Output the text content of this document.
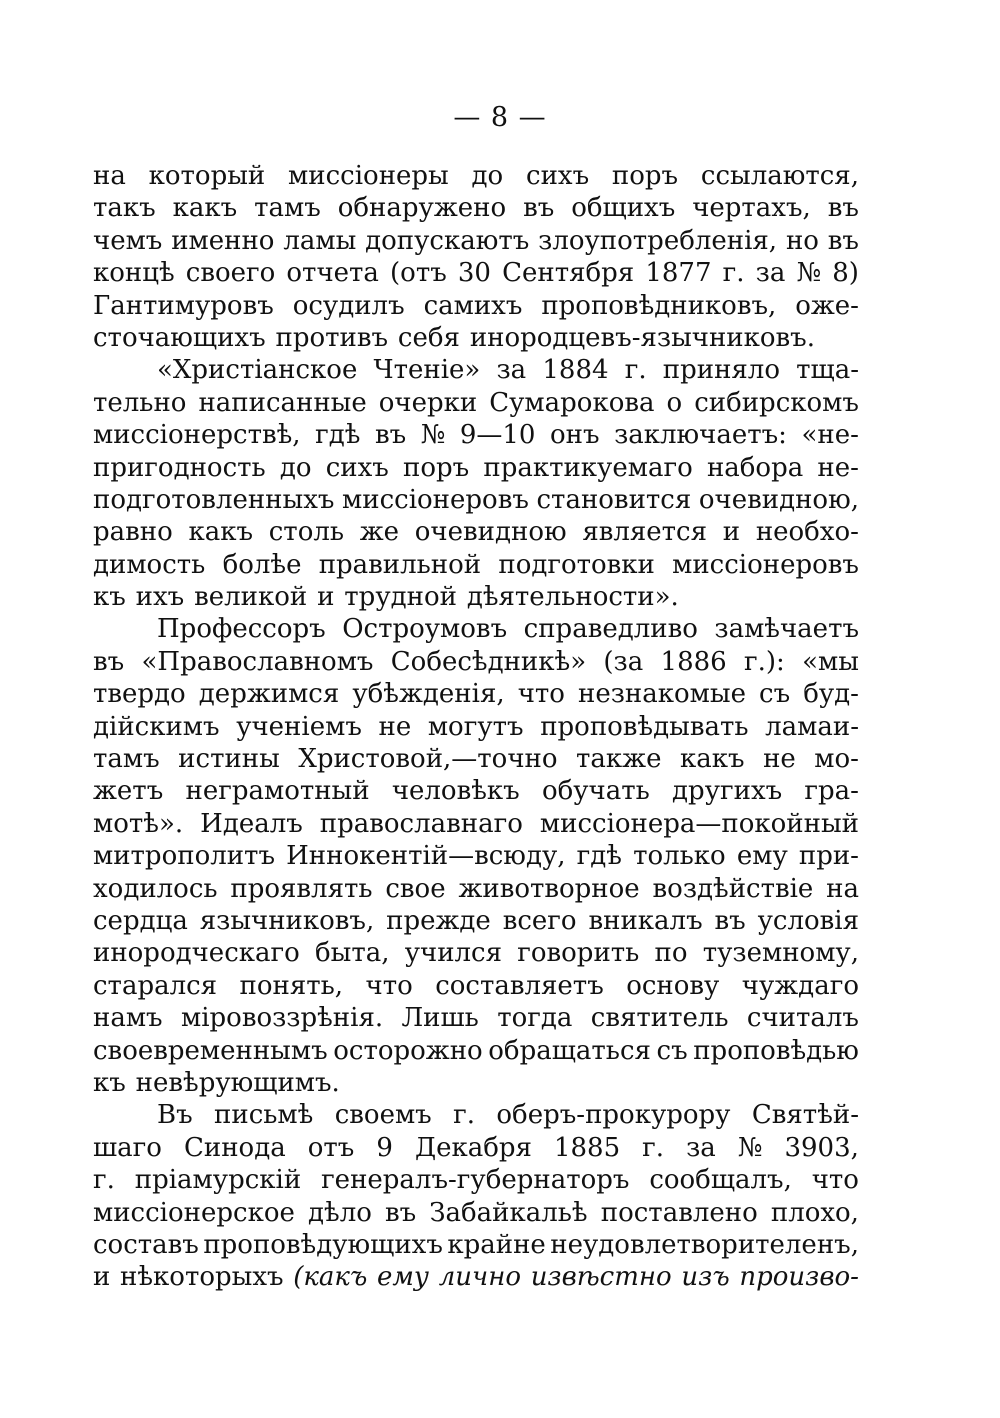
— 8 —
на который миссіонеры до сихъ поръ ссылаются,
такъ какъ тамъ обнаружено въ общихъ чертахъ, въ
чемъ именно ламы допускаютъ злоупотребленія, но въ
концѣ своего отчета (отъ 30 Сентября 1877 г. за № 8)
Гантимуровъ осудилъ самихъ проповѣдниковъ, оже-
сточающихъ противъ себя инородцевъ-язычниковъ.
«Христіанское Чтеніе» за 1884 г. приняло тща-
тельно написанные очерки Сумарокова о сибирскомъ
миссіонерствѣ, гдѣ въ № 9—10 онъ заключаетъ: «не-
пригодность до сихъ поръ практикуемаго набора не-
подготовленныхъ миссіонеровъ становится очевидною,
равно какъ столь же очевидною является и необхо-
димость болѣе правильной подготовки миссіонеровъ
къ ихъ великой и трудной дѣятельности».
Профессоръ Остроумовъ справедливо замѣчаетъ
въ «Православномъ Собесѣдникѣ» (за 1886 г.): «мы
твердо держимся убѣжденія, что незнакомые съ буд-
дійскимъ ученіемъ не могутъ проповѣдывать ламаи-
тамъ истины Христовой,—точно также какъ не мо-
жетъ неграмотный человѣкъ обучать другихъ гра-
мотѣ». Идеалъ православнаго миссіонера—покойный
митрополитъ Иннокентій—всюду, гдѣ только ему при-
ходилось проявлять свое животворное воздѣйствіе на
сердца язычниковъ, прежде всего вникалъ въ условія
инородческаго быта, учился говорить по туземному,
старался понять, что составляетъ основу чуждаго
намъ міровоззрѣнія. Лишь тогда святитель считалъ
своевременнымъ осторожно обращаться съ проповѣдью
къ невѣрующимъ.
Въ письмѣ своемъ г. оберъ-прокурору Святѣй-
шаго Синода отъ 9 Декабря 1885 г. за № 3903,
г. пріамурскій генералъ-губернаторъ сообщалъ, что
миссіонерское дѣло въ Забайкальѣ поставлено плохо,
составъ проповѣдующихъ крайне неудовлетворителенъ,
и нѣкоторыхъ (какъ ему лично извѣстно изъ произво-
